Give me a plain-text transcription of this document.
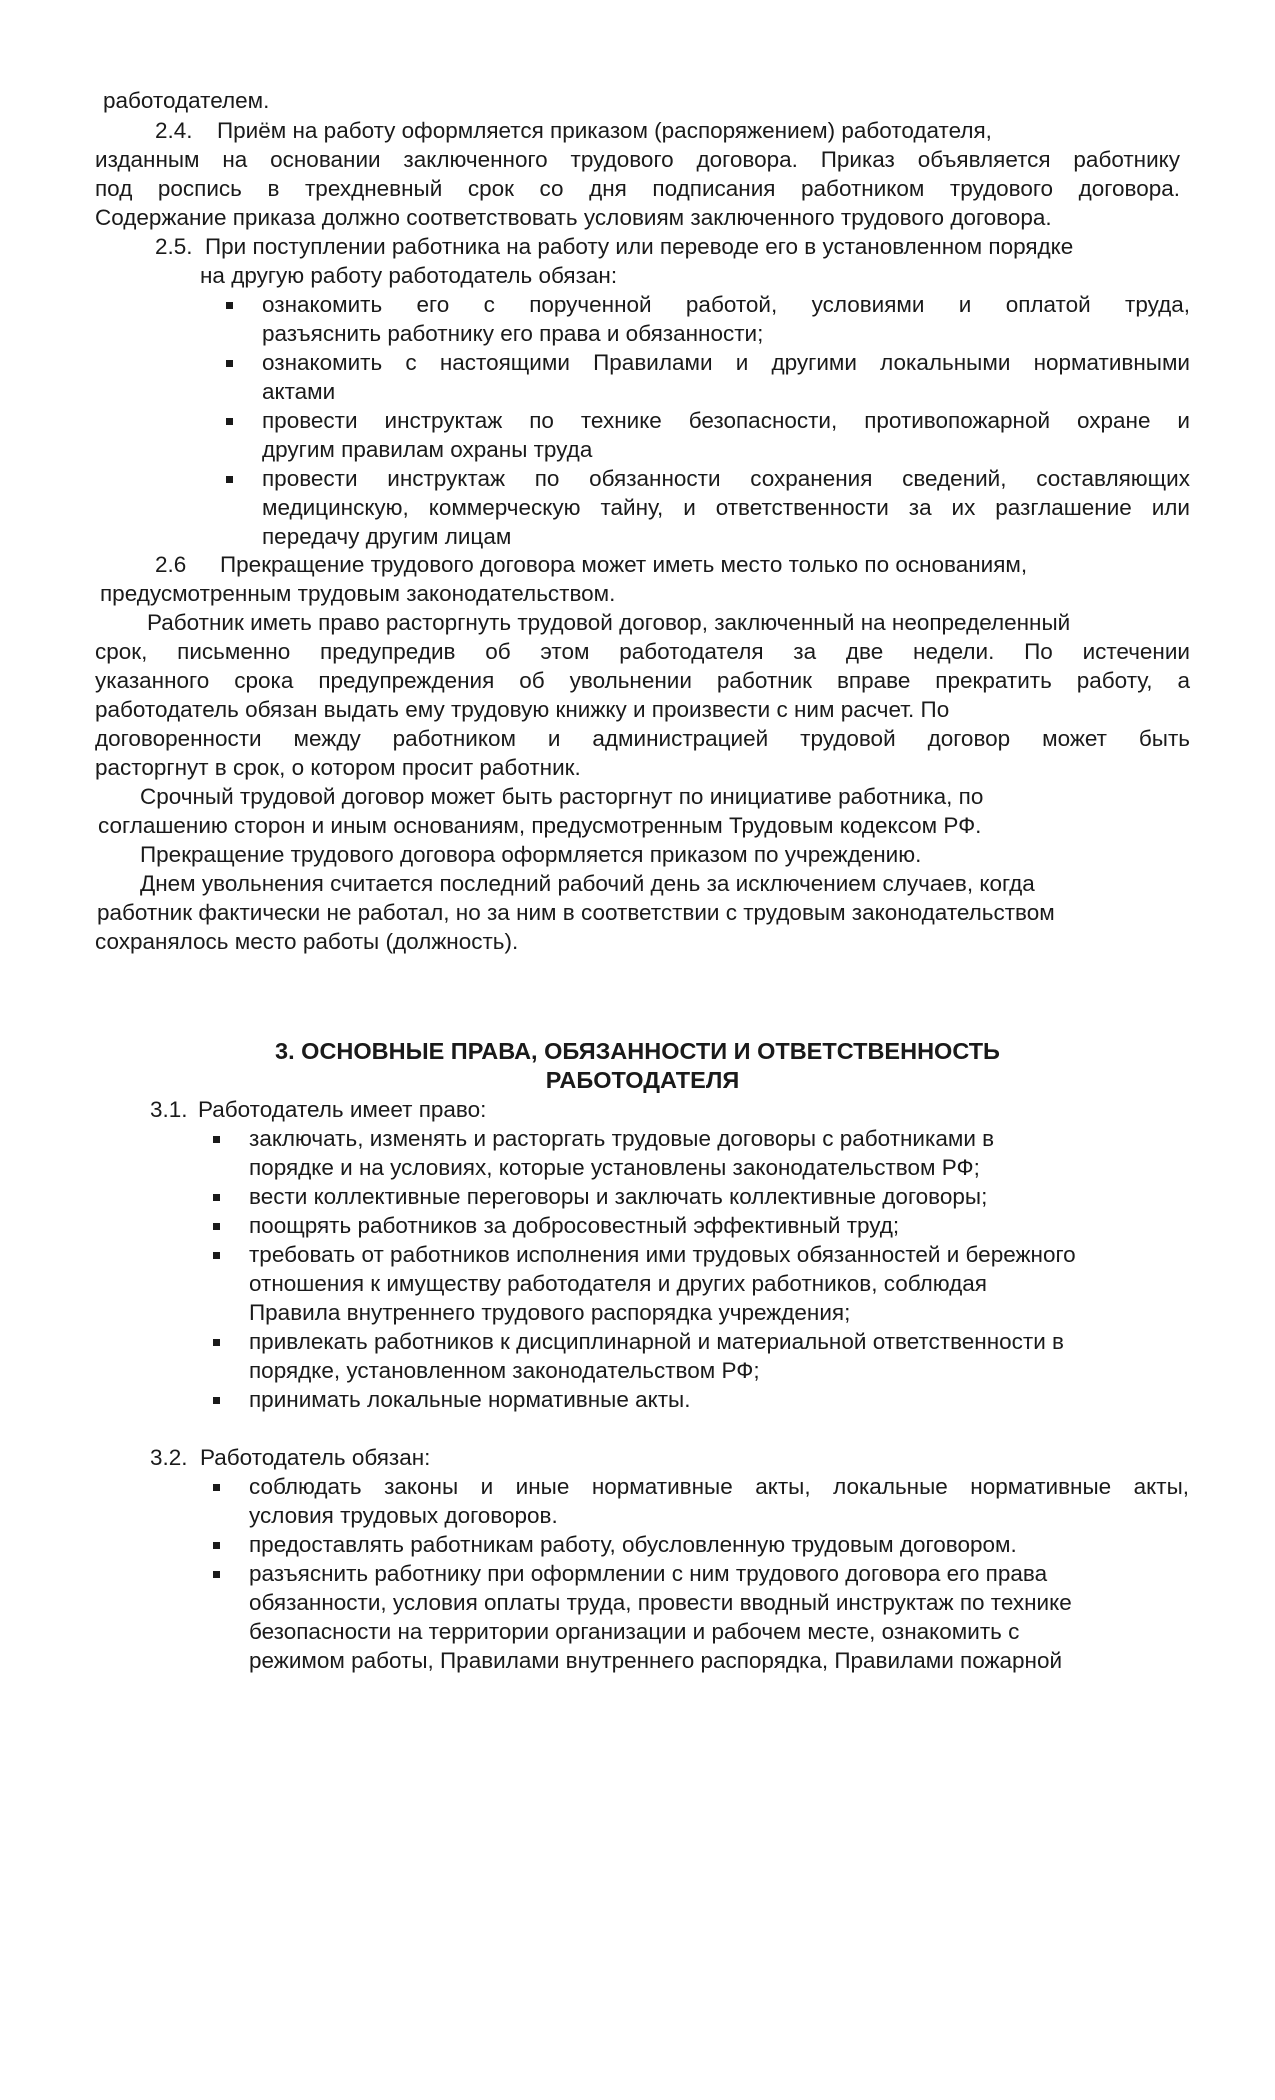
работодателем.
2.4. Приём на работу оформляется приказом (распоряжением) работодателя,
изданным на основании заключенного трудового договора. Приказ объявляется работнику
под роспись в трехдневный срок со дня подписания работником трудового договора.
Содержание приказа должно соответствовать условиям заключенного трудового договора.
2.5. При поступлении работника на работу или переводе его в установленном порядке
на другую работу работодатель обязан:
ознакомить его с порученной работой, условиями и оплатой труда,
разъяснить работнику его права и обязанности;
ознакомить с настоящими Правилами и другими локальными нормативными
актами
провести инструктаж по технике безопасности, противопожарной охране и
другим правилам охраны труда
провести инструктаж по обязанности сохранения сведений, составляющих
медицинскую, коммерческую тайну, и ответственности за их разглашение или
передачу другим лицам
2.6 Прекращение трудового договора может иметь место только по основаниям,
предусмотренным трудовым законодательством.
Работник иметь право расторгнуть трудовой договор, заключенный на неопределенный
срок, письменно предупредив об этом работодателя за две недели. По истечении
указанного срока предупреждения об увольнении работник вправе прекратить работу, а
работодатель обязан выдать ему трудовую книжку и произвести с ним расчет. По
договоренности между работником и администрацией трудовой договор может быть
расторгнут в срок, о котором просит работник.
Срочный трудовой договор может быть расторгнут по инициативе работника, по
соглашению сторон и иным основаниям, предусмотренным Трудовым кодексом РФ.
Прекращение трудового договора оформляется приказом по учреждению.
Днем увольнения считается последний рабочий день за исключением случаев, когда
работник фактически не работал, но за ним в соответствии с трудовым законодательством
сохранялось место работы (должность).
3. ОСНОВНЫЕ ПРАВА, ОБЯЗАННОСТИ И ОТВЕТСТВЕННОСТЬ
РАБОТОДАТЕЛЯ
3.1. Работодатель имеет право:
заключать, изменять и расторгать трудовые договоры с работниками в
порядке и на условиях, которые установлены законодательством РФ;
вести коллективные переговоры и заключать коллективные договоры;
поощрять работников за добросовестный эффективный труд;
требовать от работников исполнения ими трудовых обязанностей и бережного
отношения к имуществу работодателя и других работников, соблюдая
Правила внутреннего трудового распорядка учреждения;
привлекать работников к дисциплинарной и материальной ответственности в
порядке, установленном законодательством РФ;
принимать локальные нормативные акты.
3.2. Работодатель обязан:
соблюдать законы и иные нормативные акты, локальные нормативные акты,
условия трудовых договоров.
предоставлять работникам работу, обусловленную трудовым договором.
разъяснить работнику при оформлении с ним трудового договора его права
обязанности, условия оплаты труда, провести вводный инструктаж по технике
безопасности на территории организации и рабочем месте, ознакомить с
режимом работы, Правилами внутреннего распорядка, Правилами пожарной
